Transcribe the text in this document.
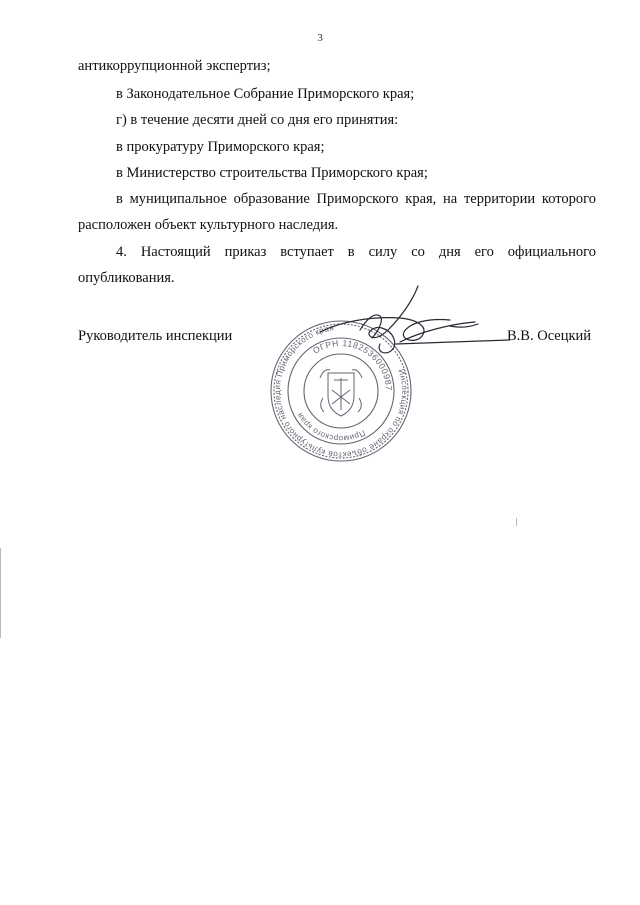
3
антикоррупционной экспертиз;
в Законодательное Собрание Приморского края;
г) в течение десяти дней со дня его принятия:
в прокуратуру Приморского края;
в Министерство строительства Приморского края;
в муниципальное образование Приморского края, на территории которого
расположен объект культурного наследия.
4. Настоящий приказ вступает в силу со дня его официального
опубликования.
Руководитель инспекции	В.В. Осецкий
Инспекция по охране объектов культурного наследия Приморского края
ОГРН 1182536000987
Приморского края
